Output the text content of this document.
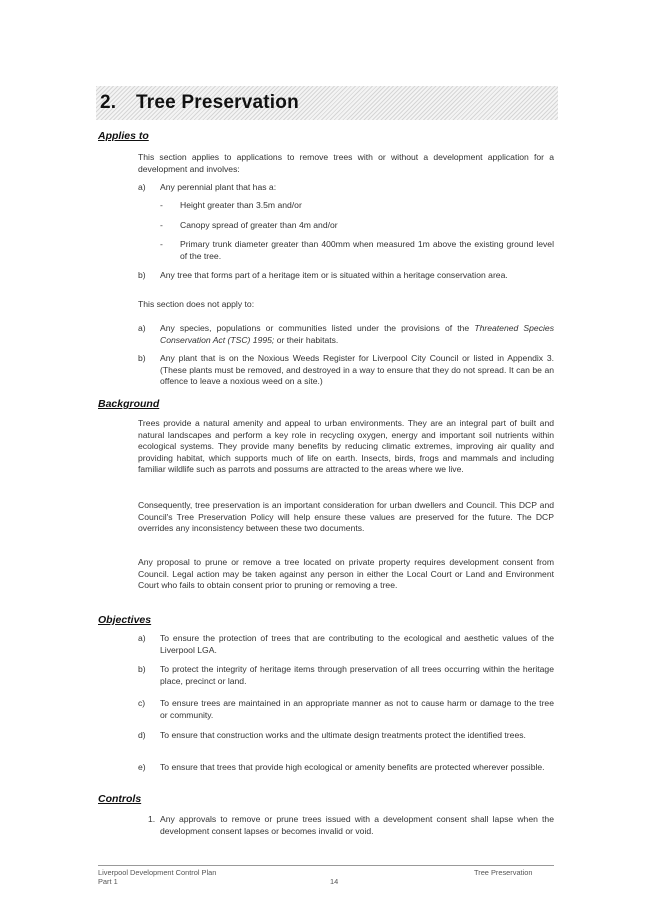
2. Tree Preservation
Applies to
This section applies to applications to remove trees with or without a development application for a development and involves:
a) Any perennial plant that has a:
- Height greater than 3.5m and/or
- Canopy spread of greater than 4m and/or
- Primary trunk diameter greater than 400mm when measured 1m above the existing ground level of the tree.
b) Any tree that forms part of a heritage item or is situated within a heritage conservation area.
This section does not apply to:
a) Any species, populations or communities listed under the provisions of the Threatened Species Conservation Act (TSC) 1995; or their habitats.
b) Any plant that is on the Noxious Weeds Register for Liverpool City Council or listed in Appendix 3. (These plants must be removed, and destroyed in a way to ensure that they do not spread. It can be an offence to leave a noxious weed on a site.)
Background
Trees provide a natural amenity and appeal to urban environments. They are an integral part of built and natural landscapes and perform a key role in recycling oxygen, energy and important soil nutrients within ecological systems. They provide many benefits by reducing climatic extremes, improving air quality and providing habitat, which supports much of life on earth. Insects, birds, frogs and mammals and including familiar wildlife such as parrots and possums are attracted to the areas where we live.
Consequently, tree preservation is an important consideration for urban dwellers and Council. This DCP and Council's Tree Preservation Policy will help ensure these values are preserved for the future. The DCP overrides any inconsistency between these two documents.
Any proposal to prune or remove a tree located on private property requires development consent from Council. Legal action may be taken against any person in either the Local Court or Land and Environment Court who fails to obtain consent prior to pruning or removing a tree.
Objectives
a) To ensure the protection of trees that are contributing to the ecological and aesthetic values of the Liverpool LGA.
b) To protect the integrity of heritage items through preservation of all trees occurring within the heritage place, precinct or land.
c) To ensure trees are maintained in an appropriate manner as not to cause harm or damage to the tree or community.
d) To ensure that construction works and the ultimate design treatments protect the identified trees.
e) To ensure that trees that provide high ecological or amenity benefits are protected wherever possible.
Controls
1. Any approvals to remove or prune trees issued with a development consent shall lapse when the development consent lapses or becomes invalid or void.
Liverpool Development Control Plan
Part 1	14
Tree Preservation
